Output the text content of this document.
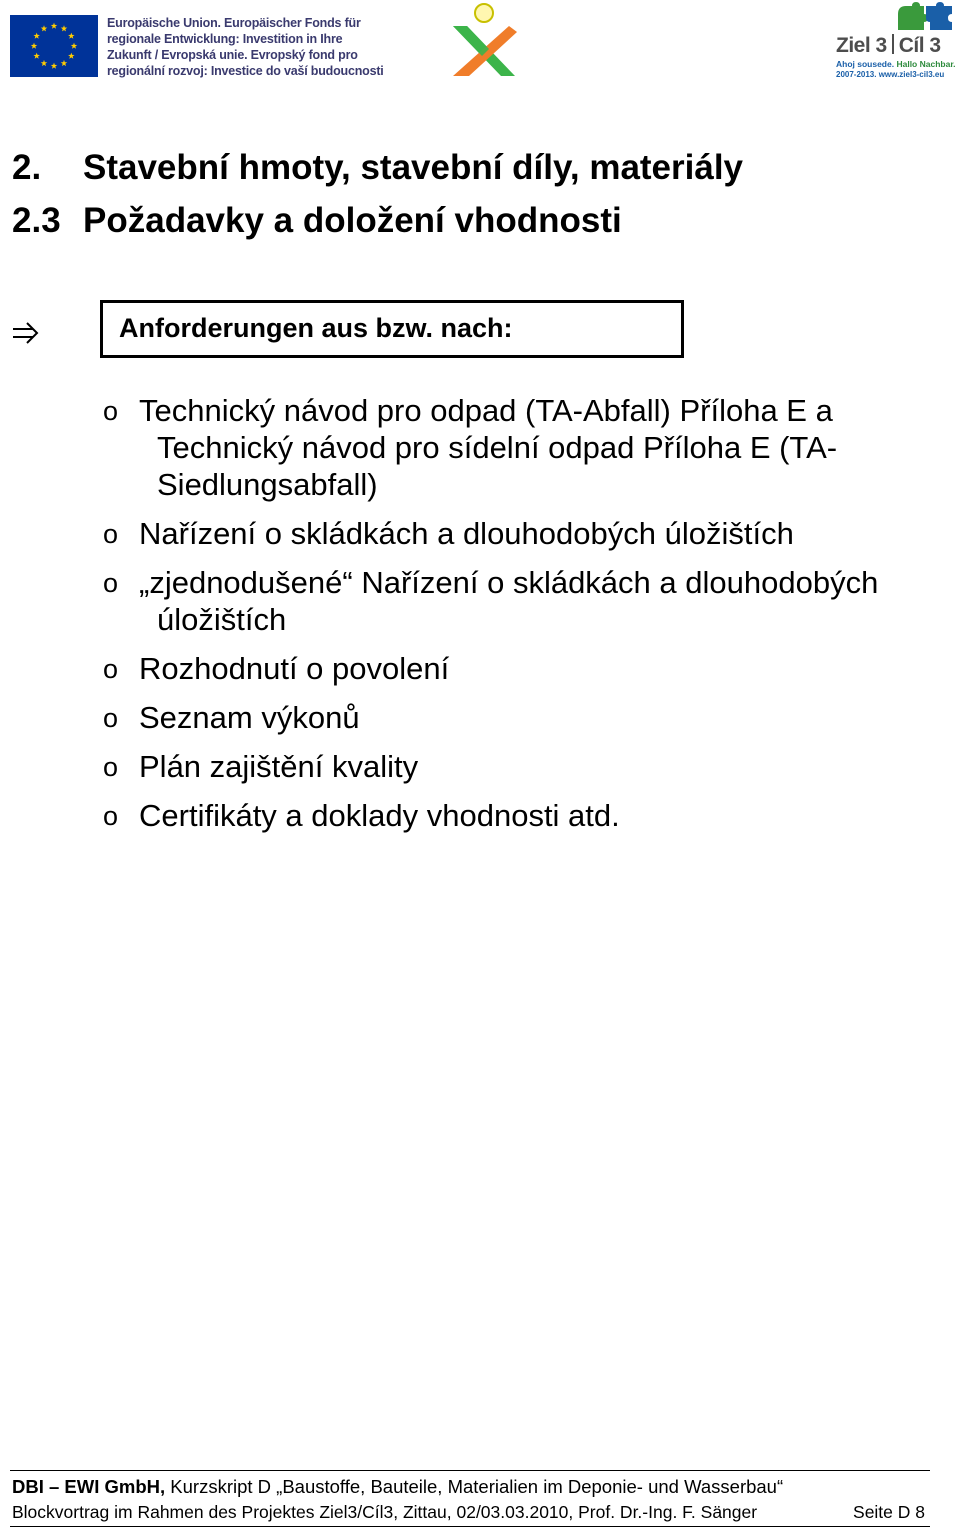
Europäische Union. Europäischer Fonds für
regionale Entwicklung: Investition in Ihre
Zukunft / Evropská unie. Evropský fond pro
regionální rozvoj: Investice do vaší budoucnosti
Ziel 3 Cíl 3
Ahoj sousede. Hallo Nachbar.
2007-2013. www.ziel3-cil3.eu
2. Stavební hmoty, stavební díly, materiály
2.3 Požadavky a doložení vhodnosti
Anforderungen aus bzw. nach:
o Technický návod pro odpad (TA-Abfall) Příloha E a
Technický návod pro sídelní odpad Příloha E (TA-
Siedlungsabfall)
o Nařízení o skládkách a dlouhodobých úložištích
o „zjednodušené“ Nařízení o skládkách a dlouhodobých
úložištích
o Rozhodnutí o povolení
o Seznam výkonů
o Plán zajištění kvality
o Certifikáty a doklady vhodnosti atd.
DBI – EWI GmbH, Kurzskript D „Baustoffe, Bauteile, Materialien im Deponie- und Wasserbau“
Blockvortrag im Rahmen des Projektes Ziel3/Cíl3, Zittau, 02/03.03.2010, Prof. Dr.-Ing. F. Sänger	Seite D 8
